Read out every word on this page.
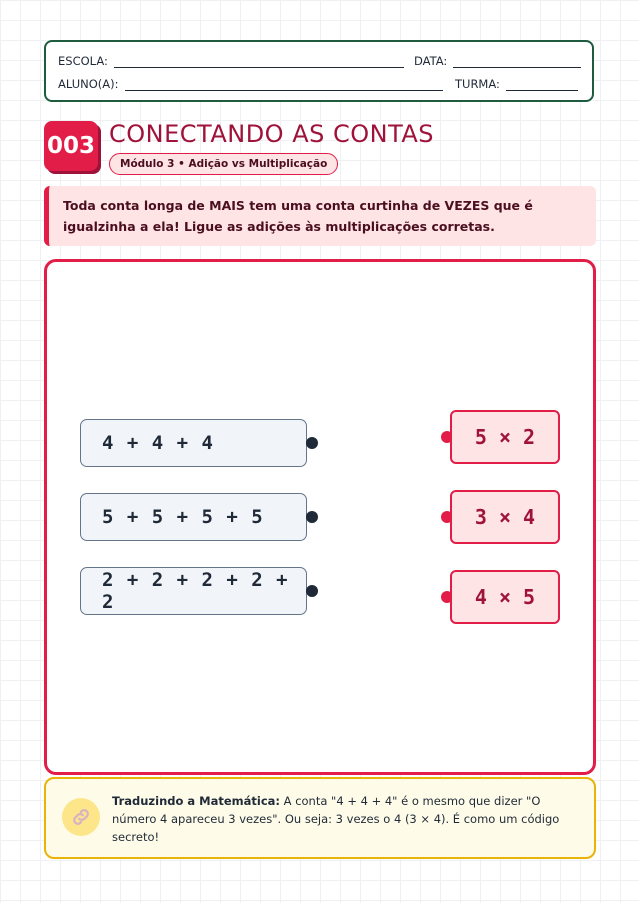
ESCOLA:	DATA:
ALUNO(A):	TURMA:
003 CONECTANDO AS CONTAS
Módulo 3 • Adição vs Multiplicação
Toda conta longa de MAIS tem uma conta curtinha de VEZES que é igualzinha a ela! Ligue as adições às multiplicações corretas.
4 + 4 + 4
5 + 5 + 5 + 5
2 + 2 + 2 + 2 + 2
5 × 2
3 × 4
4 × 5
Traduzindo a Matemática: A conta "4 + 4 + 4" é o mesmo que dizer "O número 4 apareceu 3 vezes". Ou seja: 3 vezes o 4 (3 × 4). É como um código secreto!
